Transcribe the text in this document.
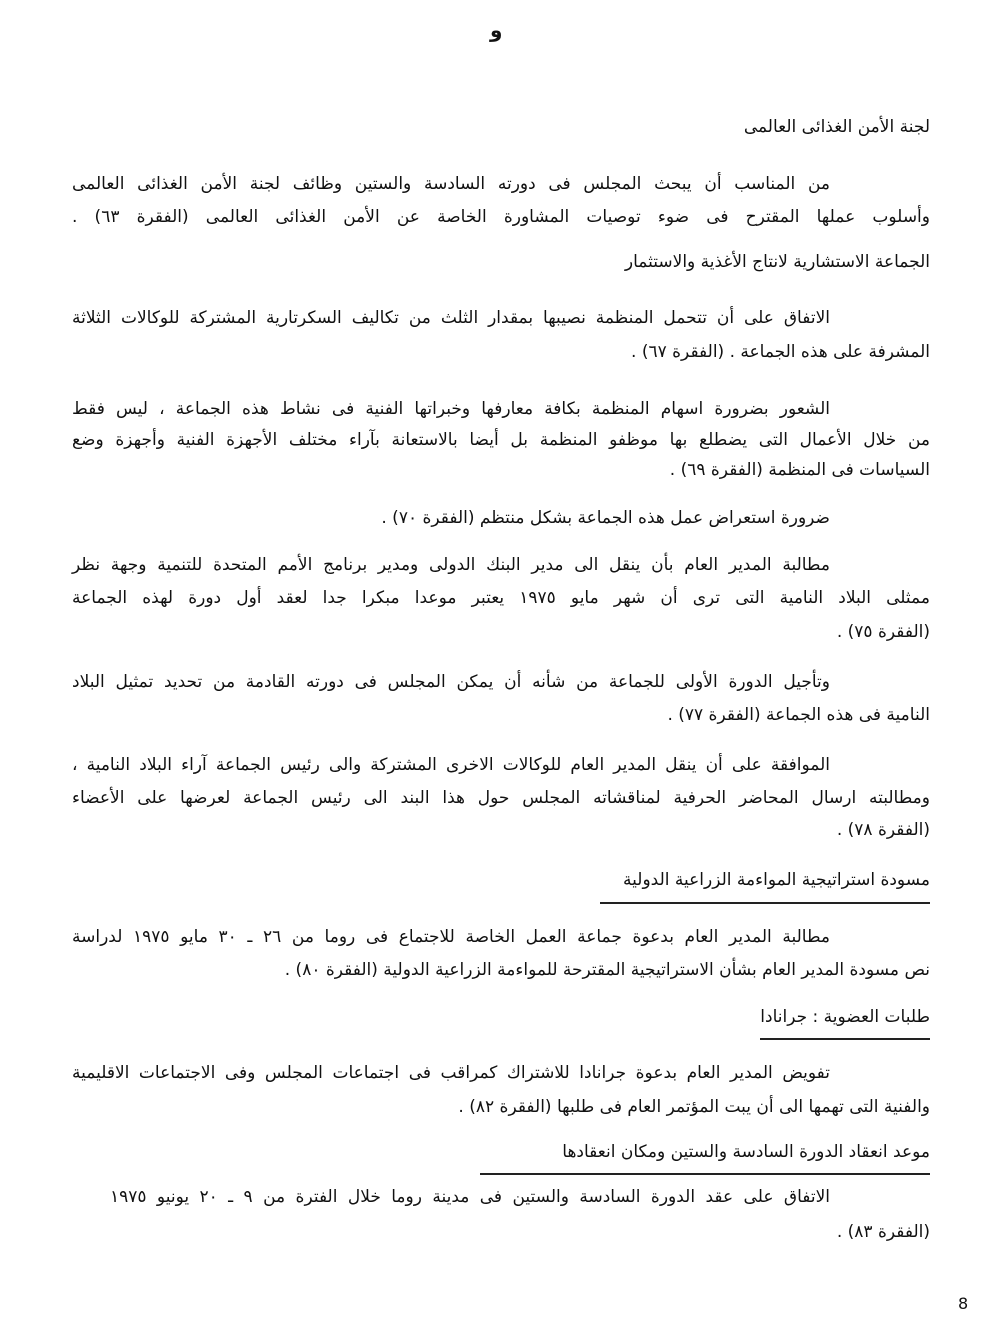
و
لجنة الأمن الغذائى العالمى
من المناسب أن يبحث المجلس فى دورته السادسة والستين وظائف لجنة الأمن الغذائى العالمى
وأسلوب عملها المقترح فى ضوء توصيات المشاورة الخاصة عن الأمن الغذائى العالمى (الفقرة ٦٣) .
الجماعة الاستشارية لانتاج الأغذية والاستثمار
الاتفاق على أن تتحمل المنظمة نصيبها بمقدار الثلث من تكاليف السكرتارية المشتركة للوكالات الثلاثة
المشرفة على هذه الجماعة . (الفقرة ٦٧) .
الشعور بضرورة اسهام المنظمة بكافة معارفها وخبراتها الفنية فى نشاط هذه الجماعة ، ليس فقط
من خلال الأعمال التى يضطلع بها موظفو المنظمة بل أيضا بالاستعانة بآراء مختلف الأجهزة الفنية وأجهزة وضع
السياسات فى المنظمة (الفقرة ٦٩) .
ضرورة استعراض عمل هذه الجماعة بشكل منتظم (الفقرة ٧٠) .
مطالبة المدير العام بأن ينقل الى مدير البنك الدولى ومدير برنامج الأمم المتحدة للتنمية وجهة نظر
ممثلى البلاد النامية التى ترى أن شهر مايو ١٩٧٥ يعتبر موعدا مبكرا جدا لعقد أول دورة لهذه الجماعة
(الفقرة ٧٥) .
وتأجيل الدورة الأولى للجماعة من شأنه أن يمكن المجلس فى دورته القادمة من تحديد تمثيل البلاد
النامية فى هذه الجماعة (الفقرة ٧٧) .
الموافقة على أن ينقل المدير العام للوكالات الاخرى المشتركة والى رئيس الجماعة آراء البلاد النامية ،
ومطالبته ارسال المحاضر الحرفية لمناقشاته المجلس حول هذا البند الى رئيس الجماعة لعرضها على الأعضاء
(الفقرة ٧٨) .
مسودة استراتيجية المواءمة الزراعية الدولية
مطالبة المدير العام بدعوة جماعة العمل الخاصة للاجتماع فى روما من ٢٦ ـ ٣٠ مايو ١٩٧٥ لدراسة
نص مسودة المدير العام بشأن الاستراتيجية المقترحة للمواءمة الزراعية الدولية (الفقرة ٨٠) .
طلبات العضوية : جرانادا
تفويض المدير العام بدعوة جرانادا للاشتراك كمراقب فى اجتماعات المجلس وفى الاجتماعات الاقليمية
والفنية التى تهمها الى أن يبت المؤتمر العام فى طلبها (الفقرة ٨٢) .
موعد انعقاد الدورة السادسة والستين ومكان انعقادها
الاتفاق على عقد الدورة السادسة والستين فى مدينة روما خلال الفترة من ٩ ـ ٢٠ يونيو ١٩٧٥
(الفقرة ٨٣) .
8
